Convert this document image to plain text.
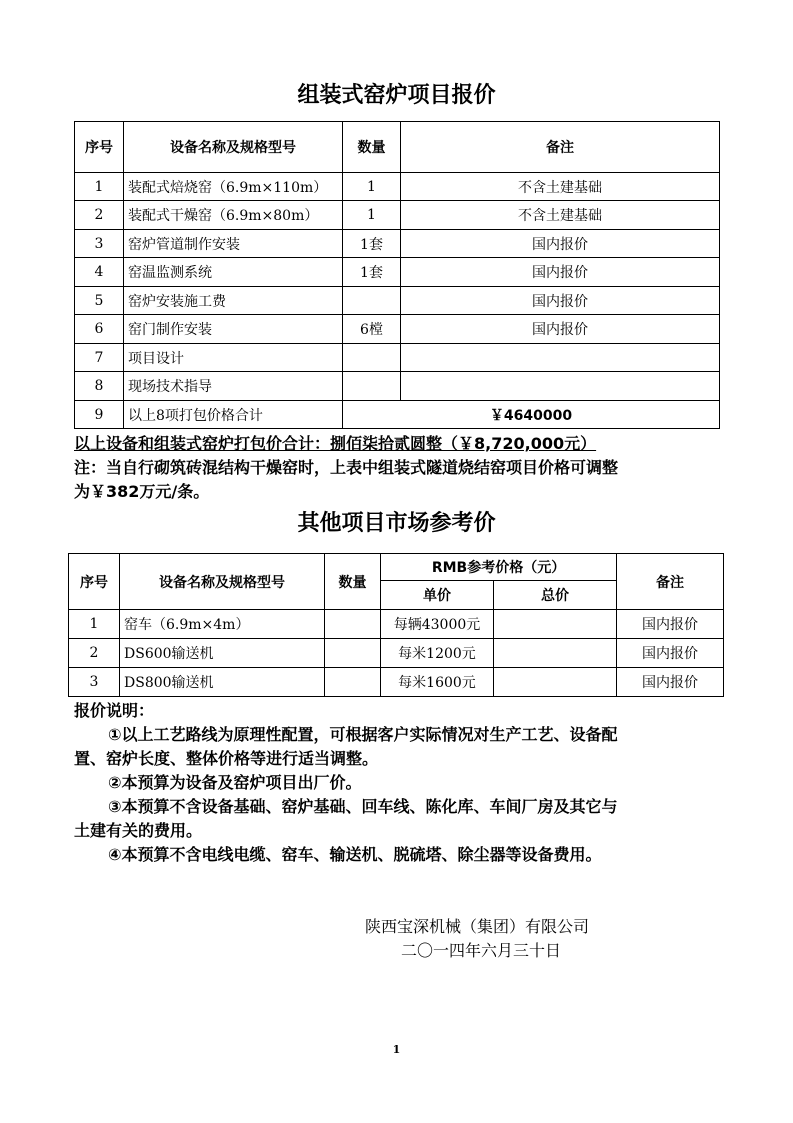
组装式窑炉项目报价
序号	设备名称及规格型号	数量	备注
1	装配式焙烧窑（6.9m×110m）	1	不含土建基础
2	装配式干燥窑（6.9m×80m）	1	不含土建基础
3	窑炉管道制作安装	1套	国内报价
4	窑温监测系统	1套	国内报价
5	窑炉安装施工费		国内报价
6	窑门制作安装	6樘	国内报价
7	项目设计		
8	现场技术指导		
9	以上8项打包价格合计	￥4640000	
以上设备和组装式窑炉打包价合计：捌佰柒拾贰圆整（￥8,720,000元）
注：当自行砌筑砖混结构干燥窑时，上表中组装式隧道烧结窑项目价格可调整
为￥382万元/条。
其他项目市场参考价
序号	设备名称及规格型号	数量	RMB参考价格（元）		备注
			单价	总价	
1	窑车（6.9m×4m）		每辆43000元		国内报价
2	DS600输送机		每米1200元		国内报价
3	DS800输送机		每米1600元		国内报价
报价说明：
①以上工艺路线为原理性配置，可根据客户实际情况对生产工艺、设备配
置、窑炉长度、整体价格等进行适当调整。
②本预算为设备及窑炉项目出厂价。
③本预算不含设备基础、窑炉基础、回车线、陈化库、车间厂房及其它与
土建有关的费用。
④本预算不含电线电缆、窑车、输送机、脱硫塔、除尘器等设备费用。
陕西宝深机械（集团）有限公司
二〇一四年六月三十日
1
